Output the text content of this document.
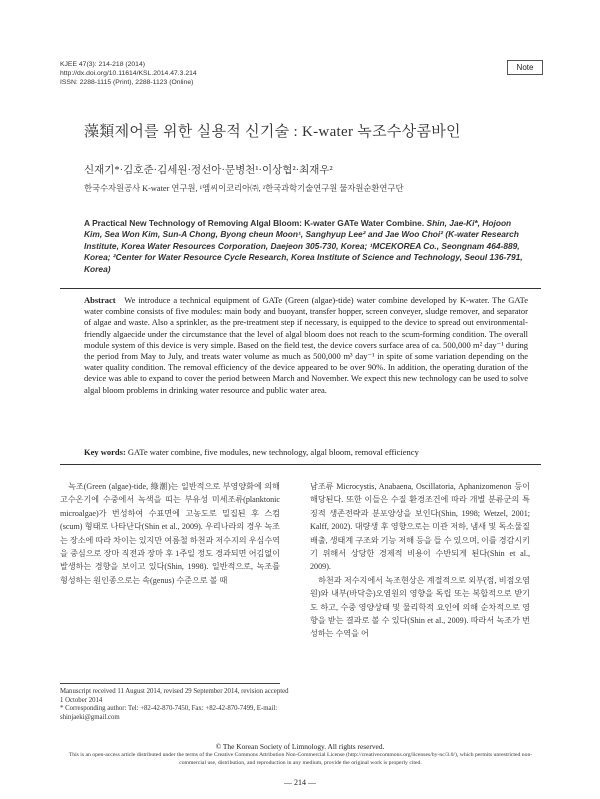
KJEE 47(3): 214-218 (2014)
http://dx.doi.org/10.11614/KSL.2014.47.3.214
ISSN: 2288-1115 (Print), 2288-1123 (Online)
Note
藻類제어를 위한 실용적 신기술 : K-water 녹조수상콤바인
신재기*·김호준·김세원·정선아·문병천¹·이상협²·최재우²
한국수자원공사 K-water 연구원, ¹엠씨이코리아㈜, ²한국과학기술연구원 물자원순환연구단
A Practical New Technology of Removing Algal Bloom: K-water GATe Water Combine. Shin, Jae-Ki*, Hojoon Kim, Sea Won Kim, Sun-A Chong, Byong cheun Moon¹, Sanghyup Lee² and Jae Woo Choi² (K-water Research Institute, Korea Water Resources Corporation, Daejeon 305-730, Korea; ¹MCEKOREA Co., Seongnam 464-889, Korea; ²Center for Water Resource Cycle Research, Korea Institute of Science and Technology, Seoul 136-791, Korea)
Abstract We introduce a technical equipment of GATe (Green (algae)-tide) water combine developed by K-water. The GATe water combine consists of five modules: main body and buoyant, transfer hopper, screen conveyer, sludge remover, and separator of algae and waste. Also a sprinkler, as the pre-treatment step if necessary, is equipped to the device to spread out environmental-friendly algaecide under the circumstance that the level of algal bloom does not reach to the scum-forming condition. The overall module system of this device is very simple. Based on the field test, the device covers surface area of ca. 500,000 m² day⁻¹ during the period from May to July, and treats water volume as much as 500,000 m³ day⁻¹ in spite of some variation depending on the water quality condition. The removal efficiency of the device appeared to be over 90%. In addition, the operating duration of the device was able to expand to cover the period between March and November. We expect this new technology can be used to solve algal bloom problems in drinking water resource and public water area.
Key words: GATe water combine, five modules, new technology, algal bloom, removal efficiency

녹조(Green (algae)-tide, 綠潮)는 일반적으로 부영양화에 의해 고수온기에 수중에서 녹색을 띠는 부유성 미세조류(planktonic microalgae)가 번성하여 수표면에 고농도로 밀집된 후 스컴(scum) 형태로 나타난다(Shin et al., 2009). 우리나라의 경우 녹조는 장소에 따라 차이는 있지만 여름철 하천과 저수지의 우심수역을 중심으로 장마 직전과 장마 후 1주일 정도 경과되면 어김없이 발생하는 경향을 보이고 있다(Shin, 1998). 일반적으로, 녹조를 형성하는 원인종으로는 속(genus) 수준으로 볼 때

남조류 Microcystis, Anabaena, Oscillatoria, Aphanizomenon 등이 해당된다. 또한 이들은 수질 환경조건에 따라 개별 분류군의 특징적 생존전략과 분포양상을 보인다(Shin, 1998; Wetzel, 2001; Kalff, 2002). 대량생 후 영향으로는 미관 저하, 냄새 및 독소물질 배출, 생태계 구조와 기능 저해 등을 들 수 있으며, 이를 경감시키기 위해서 상당한 경제적 비용이 수반되게 된다(Shin et al., 2009).

하천과 저수지에서 녹조현상은 계절적으로 외부(점, 비점오염원)와 내부(바닥층)오염원의 영향을 독립 또는 복합적으로 받기도 하고, 수중 영양상태 및 물리학적 요인에 의해 순차적으로 영향을 받는 결과로 볼 수 있다(Shin et al., 2009). 따라서 녹조가 번성하는 수역을 어

Manuscript received 11 August 2014, revised 29 September 2014, revision accepted 1 October 2014
* Corresponding author: Tel: +82-42-870-7450, Fax: +82-42-870-7499, E-mail: shinjaeki@gmail.com
© The Korean Society of Limnology. All rights reserved.
This is an open-access article distributed under the terms of the Creative Commons Attribution Non-Commercial License (http://creativecommons.org/licenses/by-nc/3.0/), which permits unrestricted non-commercial use, distribution, and reproduction in any medium, provide the original work is properly cited.
— 214 —
